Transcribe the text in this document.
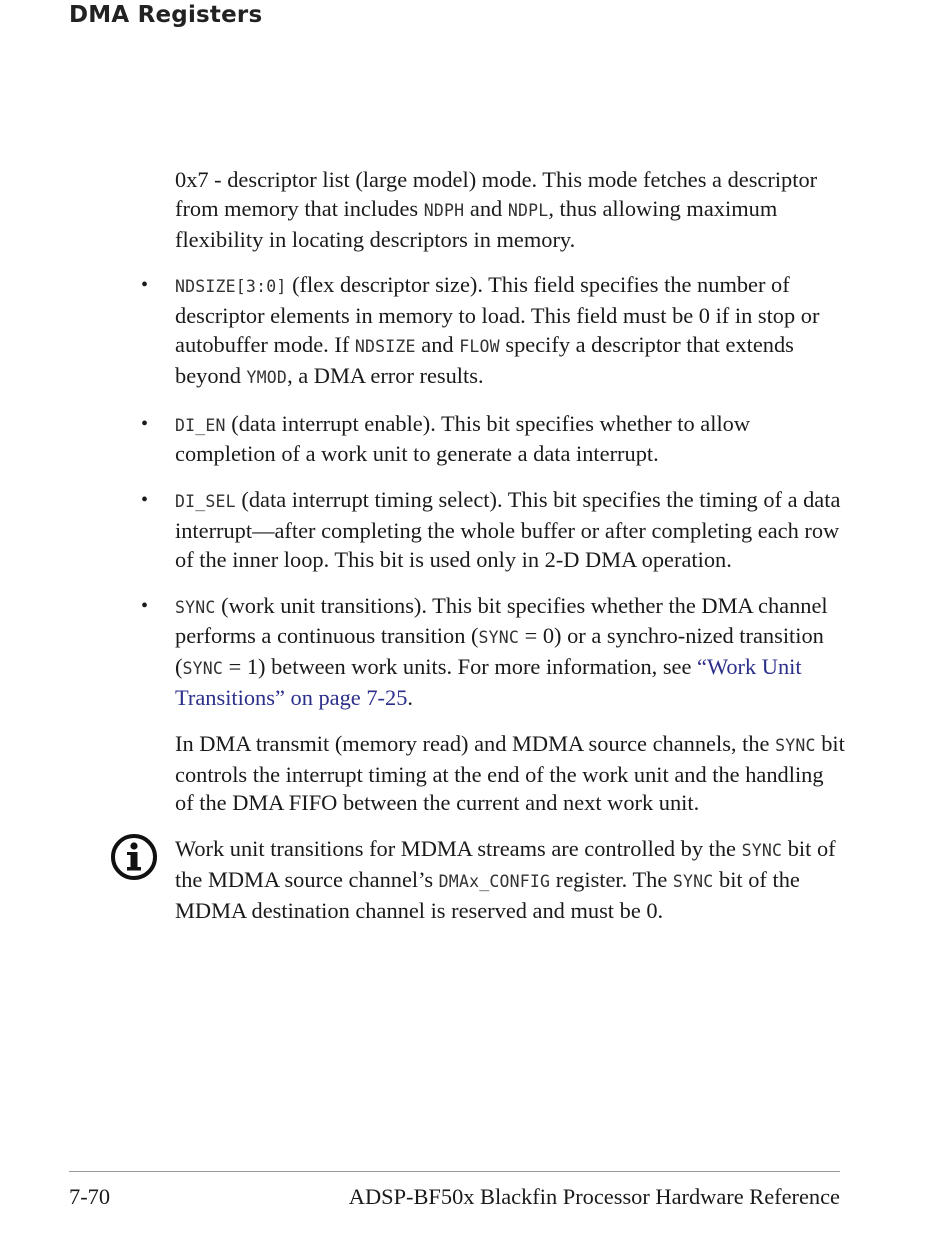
DMA Registers

0x7 - descriptor list (large model) mode. This mode fetches a descriptor from memory that includes NDPH and NDPL, thus allowing maximum flexibility in locating descriptors in memory.

• NDSIZE[3:0] (flex descriptor size). This field specifies the number of descriptor elements in memory to load. This field must be 0 if in stop or autobuffer mode. If NDSIZE and FLOW specify a descriptor that extends beyond YMOD, a DMA error results.
• DI_EN (data interrupt enable). This bit specifies whether to allow completion of a work unit to generate a data interrupt.
• DI_SEL (data interrupt timing select). This bit specifies the timing of a data interrupt—after completing the whole buffer or after completing each row of the inner loop. This bit is used only in 2-D DMA operation.
• SYNC (work unit transitions). This bit specifies whether the DMA channel performs a continuous transition (SYNC = 0) or a synchro-nized transition (SYNC = 1) between work units. For more information, see “Work Unit Transitions” on page 7-25.

In DMA transmit (memory read) and MDMA source channels, the SYNC bit controls the interrupt timing at the end of the work unit and the handling of the DMA FIFO between the current and next work unit.

Work unit transitions for MDMA streams are controlled by the SYNC bit of the MDMA source channel’s DMAx_CONFIG register. The SYNC bit of the MDMA destination channel is reserved and must be 0.
7-70	ADSP-BF50x Blackfin Processor Hardware Reference
